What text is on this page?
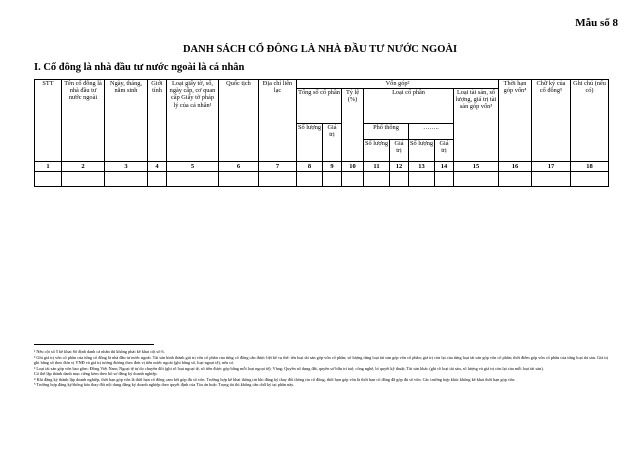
Mẫu số 8
DANH SÁCH CỔ ĐÔNG LÀ NHÀ ĐẦU TƯ NƯỚC NGOÀI
I. Cổ đông là nhà đầu tư nước ngoài là cá nhân
STT	Tên cổ đông là nhà đầu tư nước ngoài	Ngày, tháng, năm sinh	Giới tính	Loại giấy tờ, số, ngày cấp, cơ quan cấp Giấy tờ pháp lý của cá nhân¹	Quốc tịch	Địa chỉ liên lạc	Vốn góp²								Thời hạn góp vốn⁴	Chữ ký của cổ đông⁵	Ghi chú (nếu có)
							Tổng số cổ phần		Tỷ lệ (%)	Loại cổ phần				Loại tài sản, số lượng, giá trị tài sản góp vốn³			
							Số lượng	Giá trị		Phổ thông		……..					
										Số lượng	Giá trị	Số lượng	Giá trị				
1	2	3	4	5	6	7	8	9	10	11	12	13	14	15	16	17	18

¹ Nếu cột số 5 kê khai Số định danh cá nhân thì không phải kê khai cột số 6.

² Ghi giá trị vốn cổ phần của từng cổ đông là nhà đầu tư nước ngoài. Tài sản hình thành giá trị vốn cổ phần của từng cổ đông cần được liệt kê cụ thể: tên loại tài sản góp vốn cổ phần; số lượng từng loại tài sản góp vốn cổ phần; giá trị còn lại của từng loại tài sản góp vốn cổ phần; thời điểm góp vốn cổ phần của từng loại tài sản. Giá trị ghi bằng số theo đơn vị VNĐ và giá trị tương đương theo đơn vị tiền nước ngoài (ghi bằng số, loại ngoại tệ), nếu có.

³ Loại tài sản góp vốn bao gồm: Đồng Việt Nam; Ngoại tệ tự do chuyển đổi (ghi rõ loại ngoại tệ, số tiền được góp bằng mỗi loại ngoại tệ); Vàng; Quyền sử dụng đất, quyền sở hữu trí tuệ, công nghệ, bí quyết kỹ thuật; Tài sản khác (ghi rõ loại tài sản, số lượng và giá trị còn lại của mỗi loại tài sản).

Có thể lập thành danh mục riêng kèm theo hồ sơ đăng ký doanh nghiệp.

⁴ Khi đăng ký thành lập doanh nghiệp, thời hạn góp vốn là thời hạn cổ đông cam kết góp đủ số vốn. Trường hợp kê khai thông tin khi đăng ký thay đổi thông tin cổ đông, thời hạn góp vốn là thời hạn cổ đông đã góp đủ số vốn. Các trường hợp khác không kê khai thời hạn góp vốn.

⁵ Trường hợp đăng ký/thông báo thay đổi nội dung đăng ký doanh nghiệp theo quyết định của Tòa án hoặc Trọng tài thì không cần chữ ký tại phần này.
